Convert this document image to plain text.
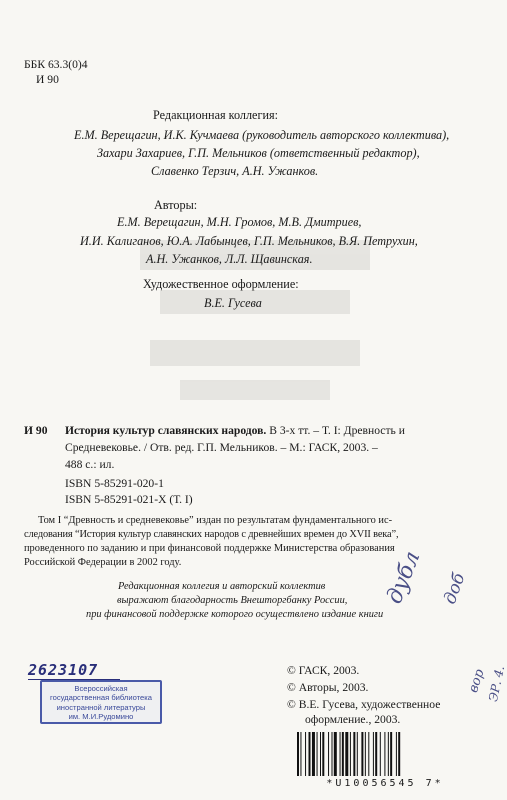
ББК 63.3(0)4
И 90
Редакционная коллегия:
Е.М. Верещагин, И.К. Кучмаева (руководитель авторского коллектива),
Захари Захариев, Г.П. Мельников (ответственный редактор),
Славенко Терзич, А.Н. Ужанков.
Авторы:
Е.М. Верещагин, М.Н. Громов, М.В. Дмитриев,
И.И. Калиганов, Ю.А. Лабынцев, Г.П. Мельников, В.Я. Петрухин,
А.Н. Ужанков, Л.Л. Щавинская.
Художественное оформление:
В.Е. Гусева
И 90 История культур славянских народов. В 3-х тт. – Т. I: Древность и
Средневековье. / Отв. ред. Г.П. Мельников. – М.: ГАСК, 2003. –
488 с.: ил.
ISBN 5-85291-020-1
ISBN 5-85291-021-X (Т. I)
Том I “Древность и средневековье” издан по результатам фундаментального ис-
следования “История культур славянских народов с древнейших времен до XVII века”,
проведенного по заданию и при финансовой поддержке Министерства образования
Российской Федерации в 2002 году.
Редакционная коллегия и авторский коллектив
выражают благодарность Внешторгбанку России,
при финансовой поддержке которого осуществлено издание книги
2623107
Всероссийская
государственная библиотека
иностранной литературы
им. М.И.Рудомино
дубл доб
вор
ЭР. 4.
© ГАСК, 2003.
© Авторы, 2003.
© В.Е. Гусева, художественное
оформление., 2003.
*U10056545 7*
